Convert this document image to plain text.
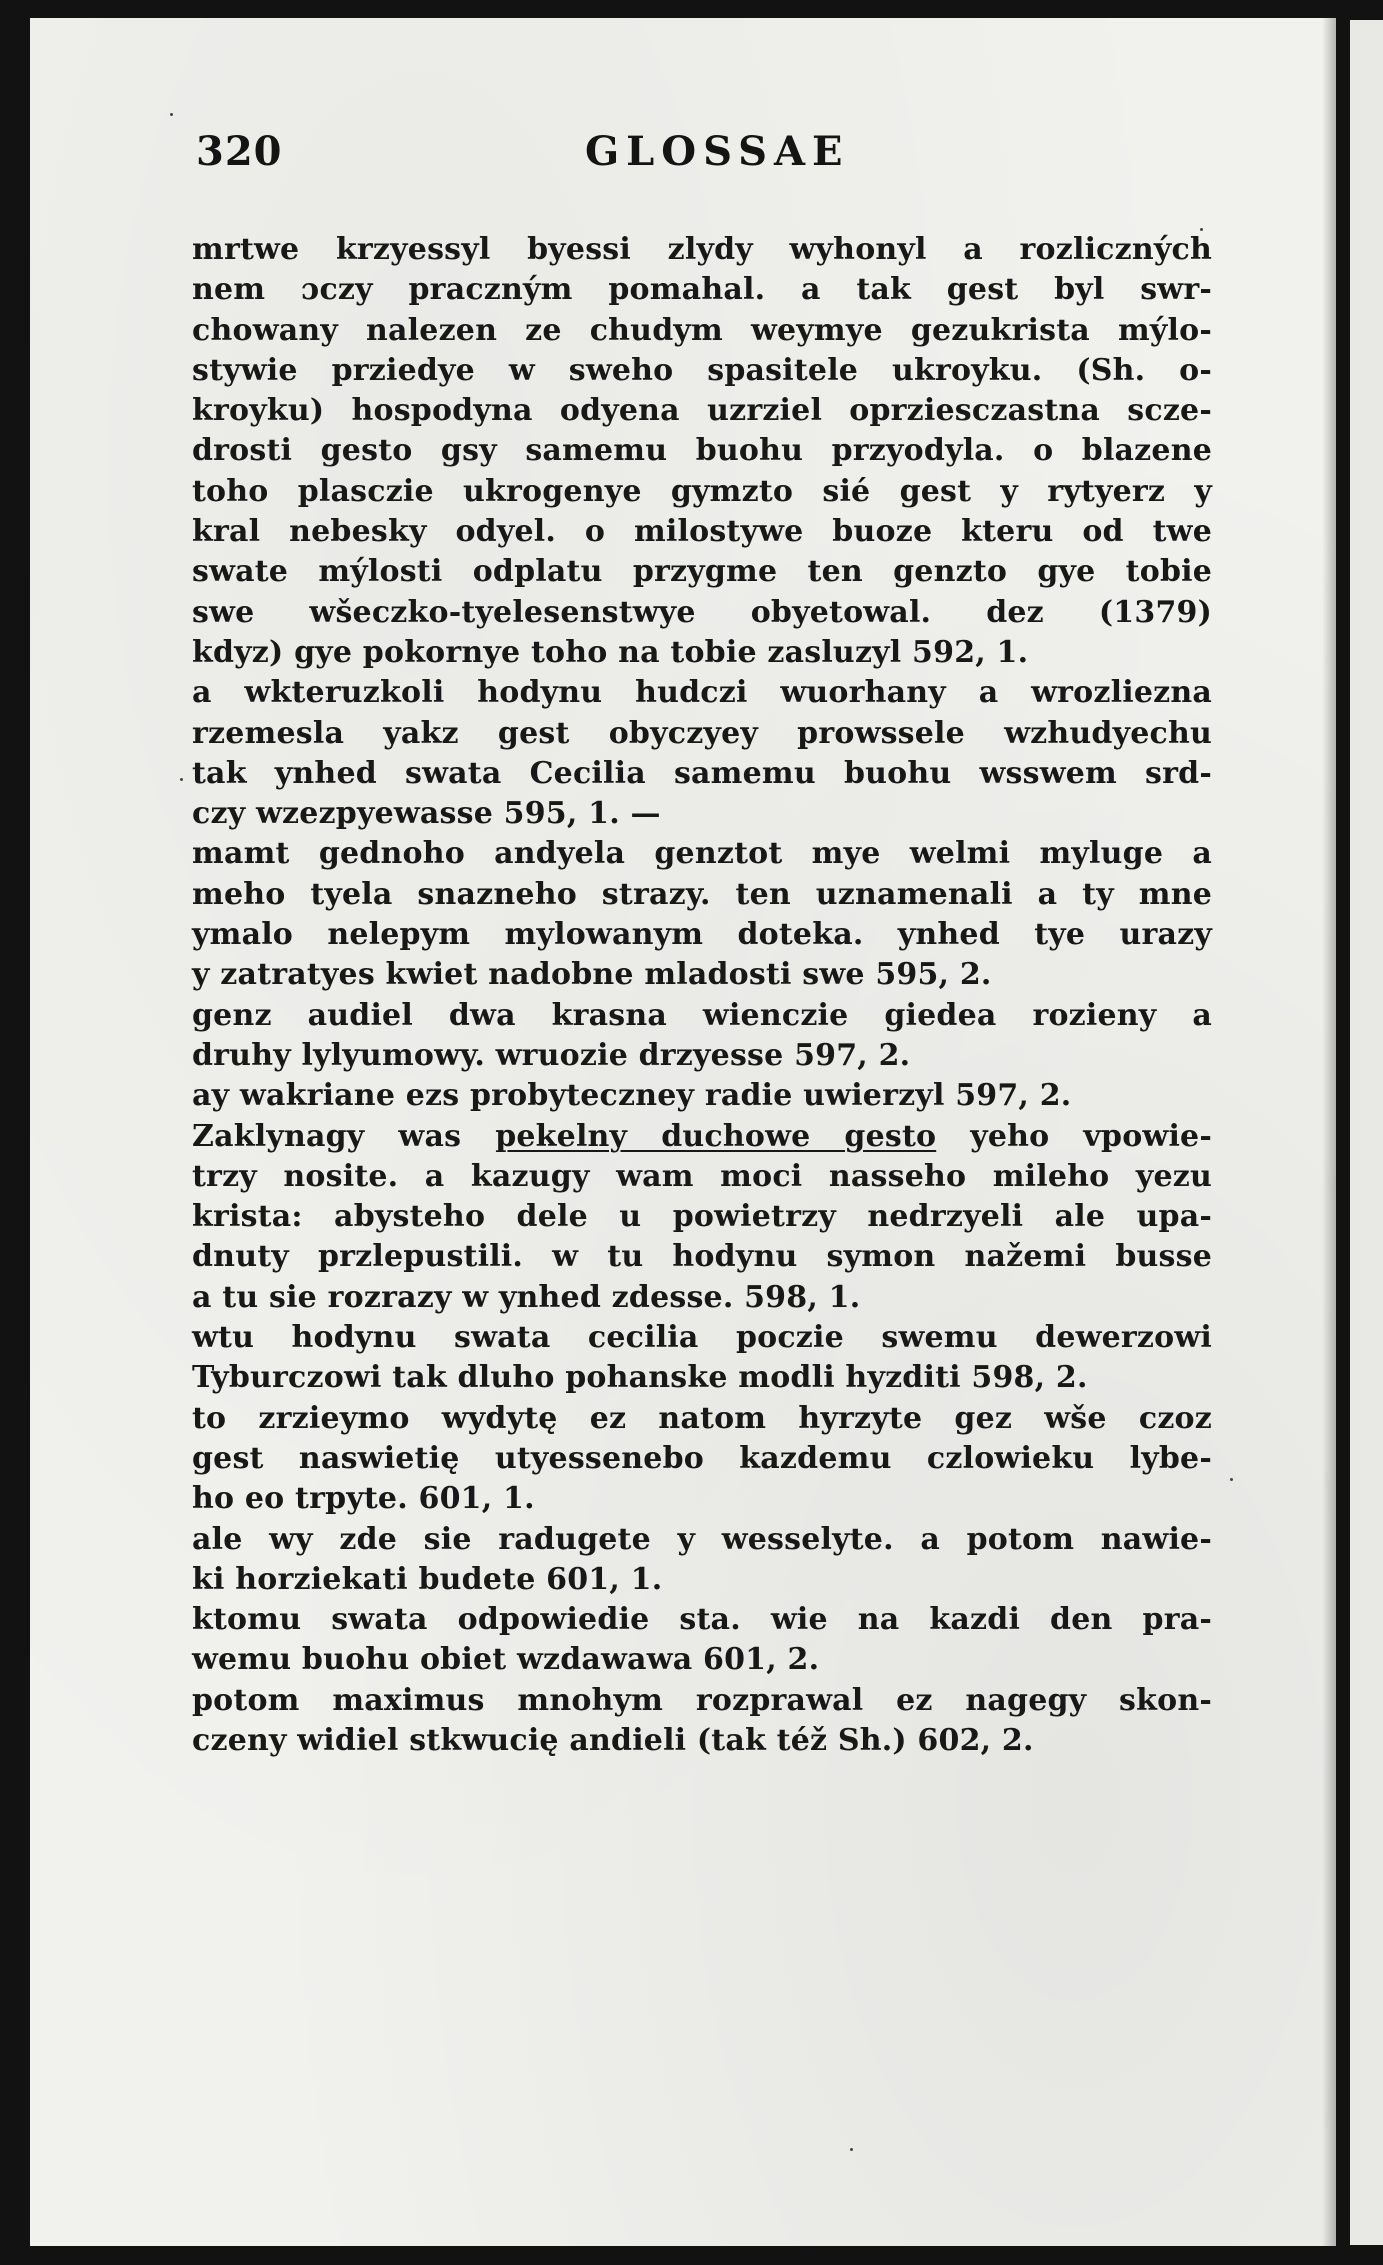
320	GLOSSAE
mrtwe krzyessyl byessi zlydy wyhonyl a rozliczných
nem ɔczy praczným pomahal. a tak gest byl swr-
chowany nalezen ze chudym weymye gezukrista mýlo-
stywie prziedye w sweho spasitele ukroyku. (Sh. o-
kroyku) hospodyna odyena uzrziel oprziesczastna scze-
drosti gesto gsy samemu buohu przyodyla. o blazene
toho plasczie ukrogenye gymzto sié gest y rytyerz y
kral nebesky odyel. o milostywe buoze kteru od twe
swate mýlosti odplatu przygme ten genzto gye tobie
swe wšeczko-tyelesenstwye obyetowal. dez (1379)
kdyz) gye pokornye toho na tobie zasluzyl 592, 1.
a wkteruzkoli hodynu hudczi wuorhany a wrozliezna
rzemesla yakz gest obyczyey prowssele wzhudyechu
tak ynhed swata Cecilia samemu buohu wsswem srd-
czy wzezpyewasse 595, 1. —
mamt gednoho andyela genztot mye welmi myluge a
meho tyela snazneho strazy. ten uznamenali a ty mne
ymalo nelepym mylowanym doteka. ynhed tye urazy
y zatratyes kwiet nadobne mladosti swe 595, 2.
genz audiel dwa krasna wienczie giedea rozieny a
druhy lylyumowy. wruozie drzyesse 597, 2.
ay wakriane ezs probyteczney radie uwierzyl 597, 2.
Zaklynagy was pekelny duchowe gesto yeho vpowie-
trzy nosite. a kazugy wam moci nasseho mileho yezu
krista: abysteho dele u powietrzy nedrzyeli ale upa-
dnuty przlepustili. w tu hodynu symon nažemi busse
a tu sie rozrazy w ynhed zdesse. 598, 1.
wtu hodynu swata cecilia poczie swemu dewerzowi
Tyburczowi tak dluho pohanske modli hyzditi 598, 2.
to zrzieymo wydytę ez natom hyrzyte gez wše czoz
gest naswietię utyessenebo kazdemu czlowieku lybe-
ho eo trpyte. 601, 1.
ale wy zde sie radugete y wesselyte. a potom nawie-
ki horziekati budete 601, 1.
ktomu swata odpowiedie sta. wie na kazdi den pra-
wemu buohu obiet wzdawawa 601, 2.
potom maximus mnohym rozprawal ez nagegy skon-
czeny widiel stkwucię andieli (tak též Sh.) 602, 2.
